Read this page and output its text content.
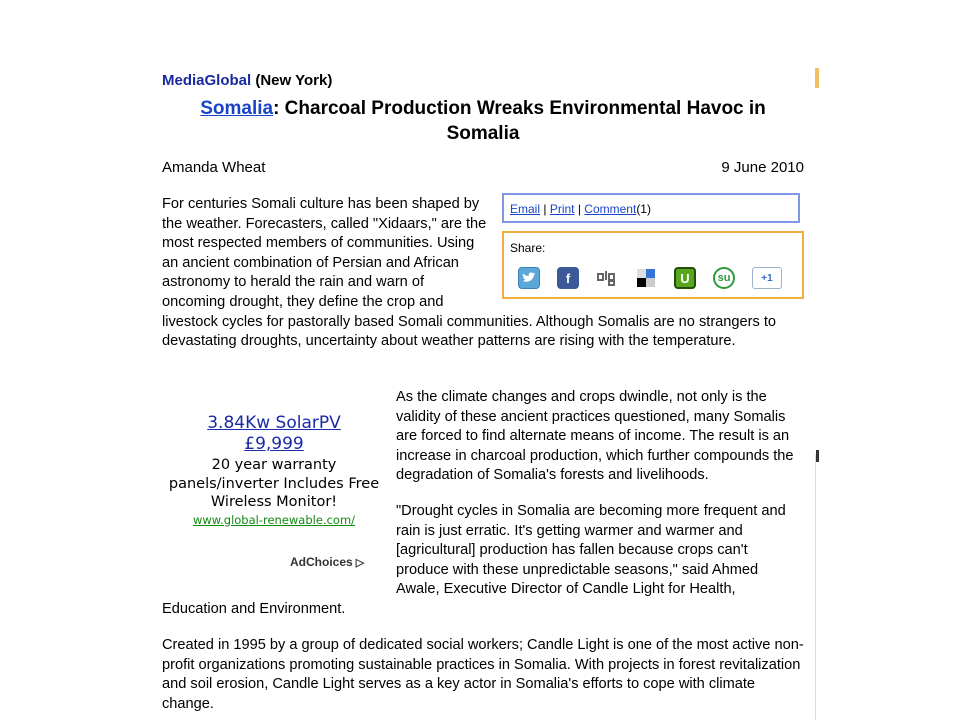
MediaGlobal (New York)
Somalia: Charcoal Production Wreaks Environmental Havoc in Somalia
Amanda Wheat	9 June 2010

For centuries Somali culture has been shaped by the weather. Forecasters, called "Xidaars," are the most respected members of communities. Using an ancient combination of Persian and African astronomy to herald the rain and warn of oncoming drought, they define the crop and livestock cycles for pastorally based Somali communities. Although Somalis are no strangers to devastating droughts, uncertainty about weather patterns are rising with the temperature.

As the climate changes and crops dwindle, not only is the validity of these ancient practices questioned, many Somalis are forced to find alternate means of income. The result is an increase in charcoal production, which further compounds the degradation of Somalia's forests and livelihoods.
"Drought cycles in Somalia are becoming more frequent and rain is just erratic. It's getting warmer and warmer and [agricultural] production has fallen because crops can't produce with these unpredictable seasons," said Ahmed Awale, Executive Director of Candle Light for Health, Education and Environment.

Created in 1995 by a group of dedicated social workers; Candle Light is one of the most active non-profit organizations promoting sustainable practices in Somalia. With projects in forest revitalization and soil erosion, Candle Light serves as a key actor in Somalia's efforts to cope with climate change.

Email | Print | Comment(1)
Share:
f	U	su	+1
3.84Kw SolarPV
£9,999
20 year warranty panels/inverter Includes Free Wireless Monitor!
www.global-renewable.com/
AdChoices ▷
